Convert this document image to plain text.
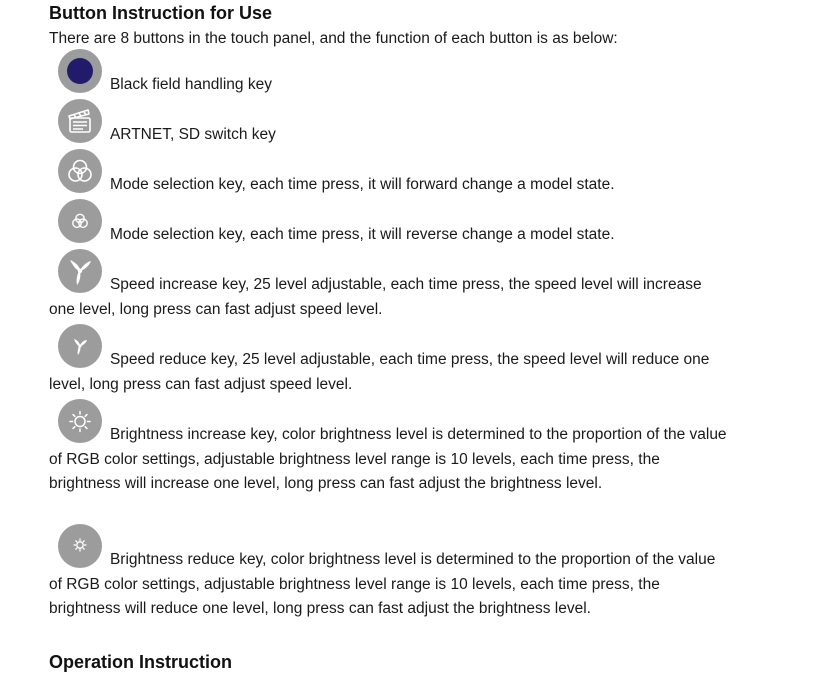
Button Instruction for Use
There are 8 buttons in the touch panel, and the function of each button is as below:
Black field handling key
ARTNET, SD switch key
Mode selection key, each time press, it will forward change a model state.
Mode selection key, each time press, it will reverse change a model state.
Speed increase key, 25 level adjustable, each time press, the speed level will increase one level, long press can fast adjust speed level.
Speed reduce key, 25 level adjustable, each time press, the speed level will reduce one level, long press can fast adjust speed level.
Brightness increase key, color brightness level is determined to the proportion of the value of RGB color settings, adjustable brightness level range is 10 levels, each time press, the brightness will increase one level, long press can fast adjust the brightness level.
Brightness reduce key, color brightness level is determined to the proportion of the value of RGB color settings, adjustable brightness level range is 10 levels, each time press, the brightness will reduce one level, long press can fast adjust the brightness level.
Operation Instruction
